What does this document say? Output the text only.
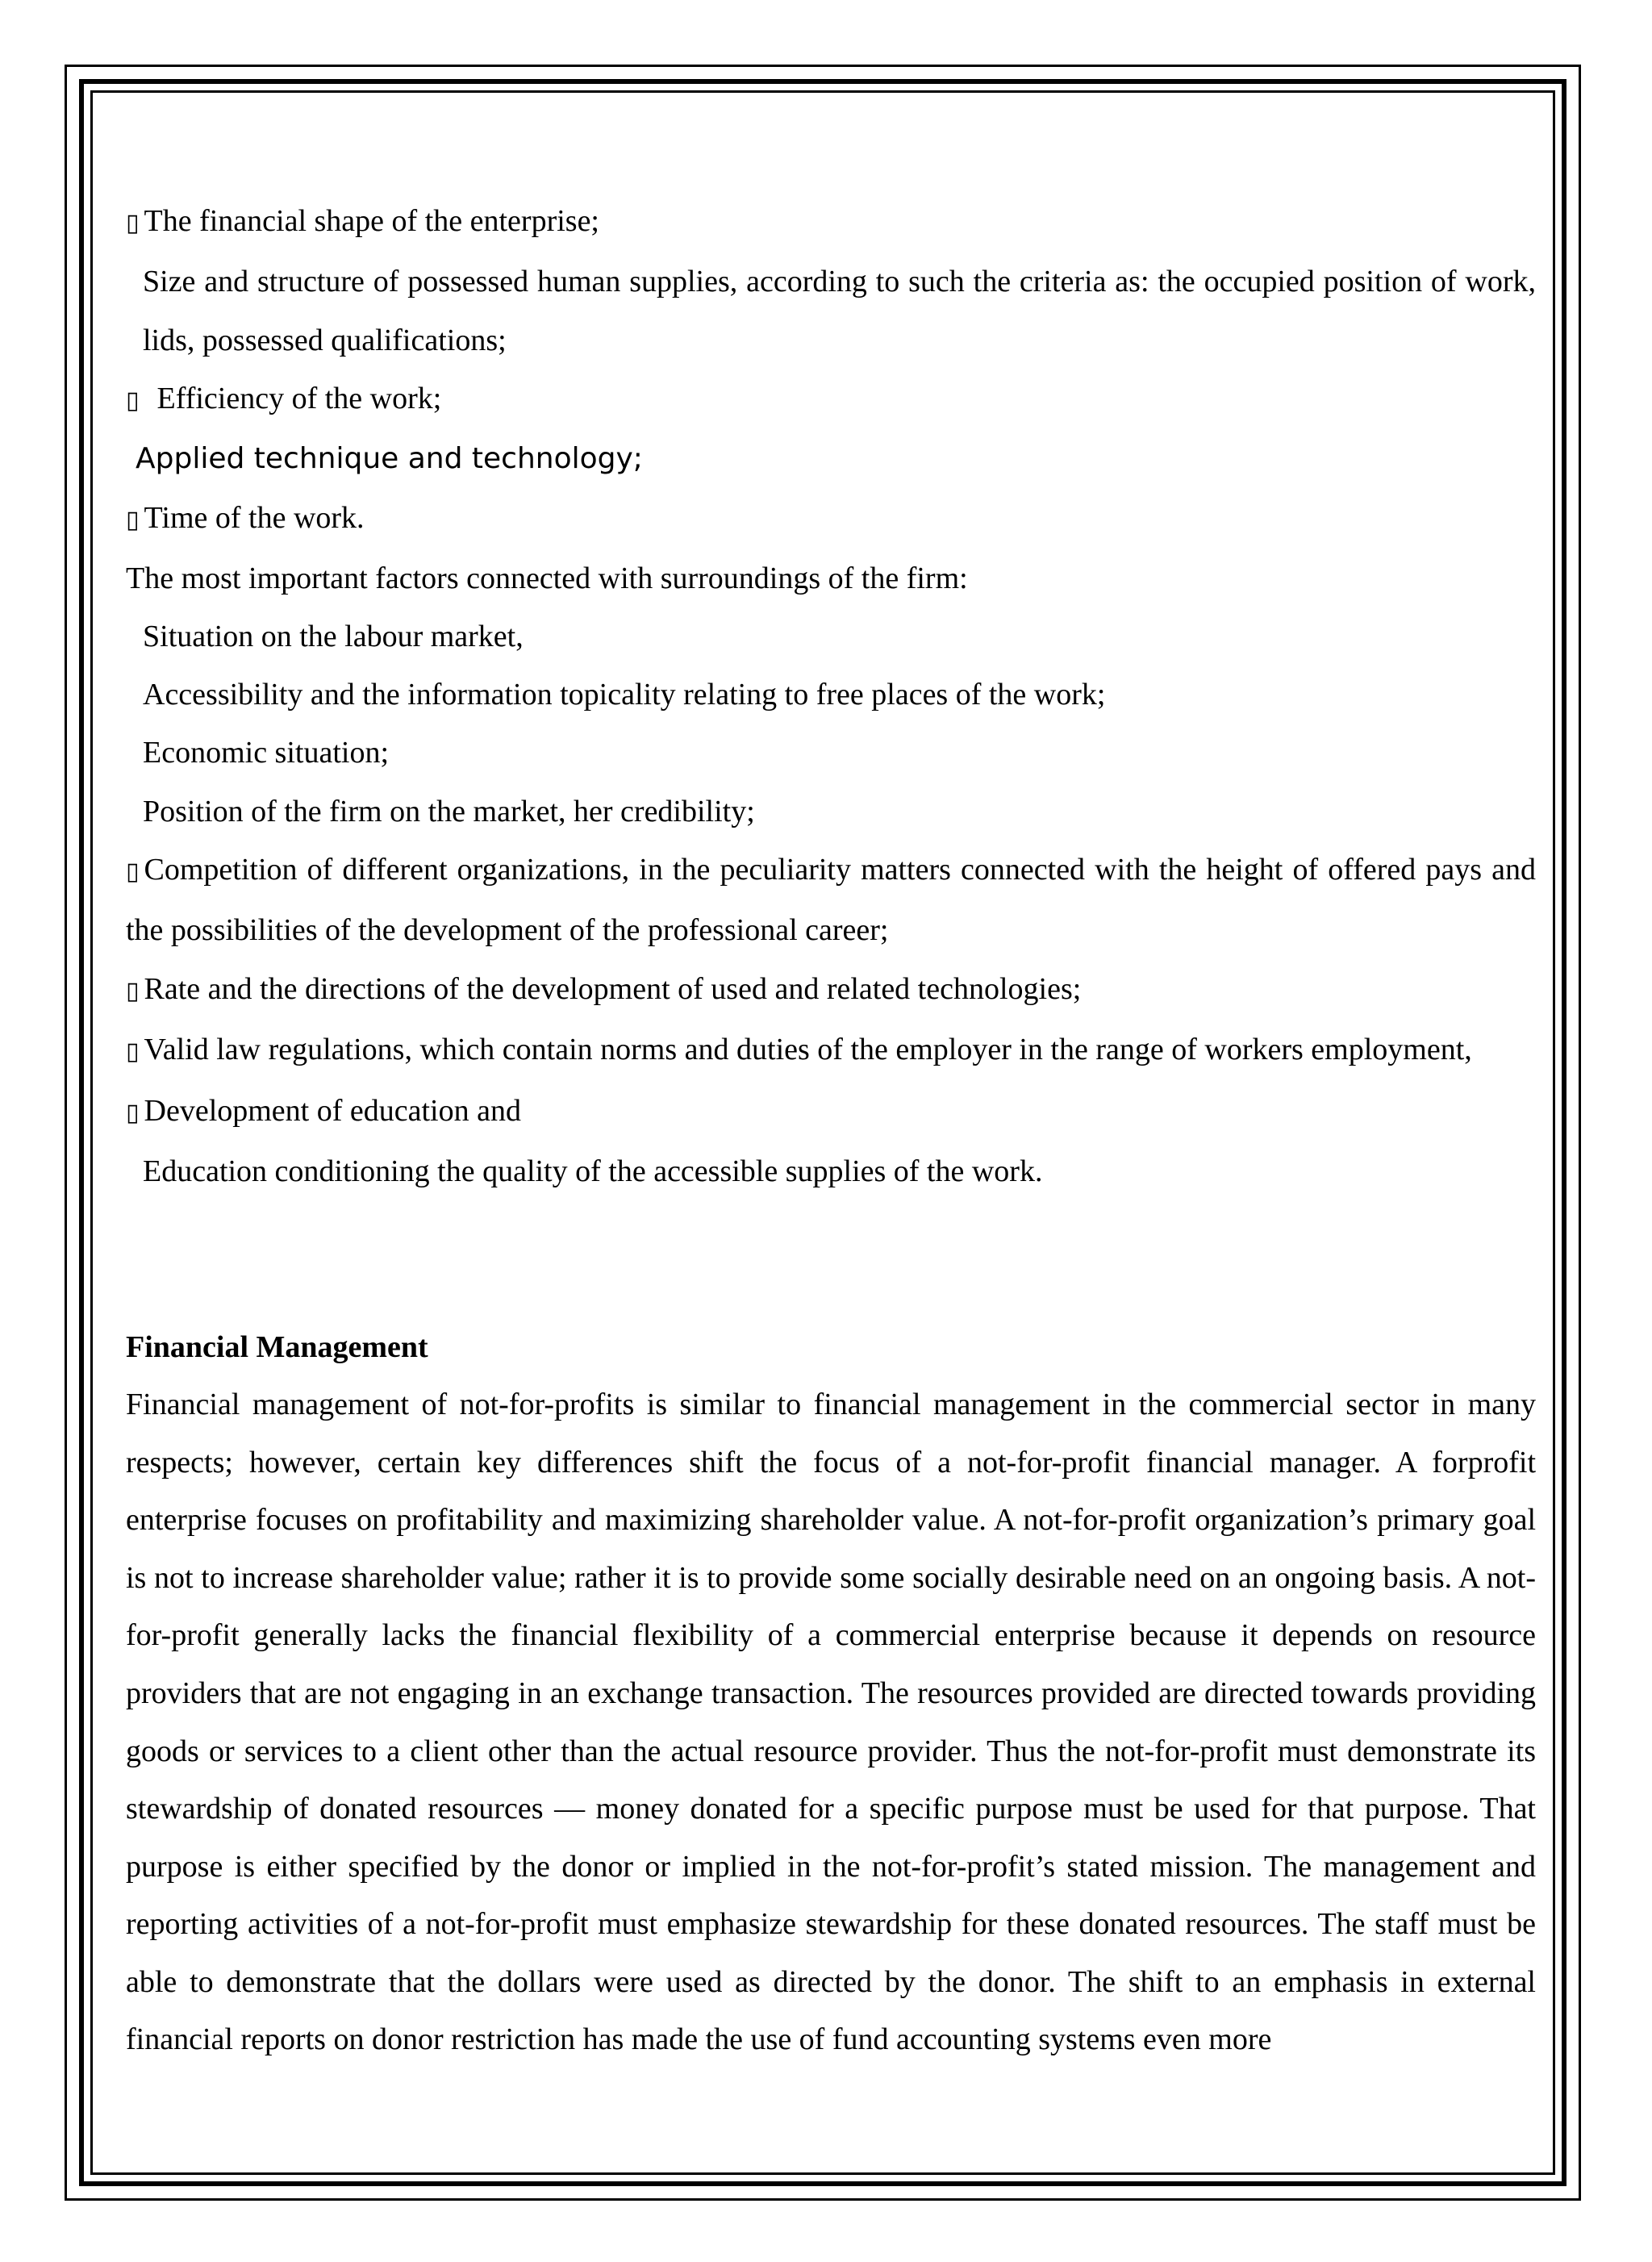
▯ The financial shape of the enterprise;
Size and structure of possessed human supplies, according to such the criteria as: the occupied position of work, lids, possessed qualifications;
▯ Efficiency of the work;
Applied technique and technology;
▯ Time of the work.
The most important factors connected with surroundings of the firm:
Situation on the labour market,
Accessibility and the information topicality relating to free places of the work;
Economic situation;
Position of the firm on the market, her credibility;
▯ Competition of different organizations, in the peculiarity matters connected with the height of offered pays and the possibilities of the development of the professional career;
▯ Rate and the directions of the development of used and related technologies;
▯ Valid law regulations, which contain norms and duties of the employer in the range of workers employment,
▯ Development of education and
Education conditioning the quality of the accessible supplies of the work.
Financial Management
Financial management of not-for-profits is similar to financial management in the commercial sector in many respects; however, certain key differences shift the focus of a not-for-profit financial manager. A forprofit enterprise focuses on profitability and maximizing shareholder value. A not-for-profit organization’s primary goal is not to increase shareholder value; rather it is to provide some socially desirable need on an ongoing basis. A not-for-profit generally lacks the financial flexibility of a commercial enterprise because it depends on resource providers that are not engaging in an exchange transaction. The resources provided are directed towards providing goods or services to a client other than the actual resource provider. Thus the not-for-profit must demonstrate its stewardship of donated resources — money donated for a specific purpose must be used for that purpose. That purpose is either specified by the donor or implied in the not-for-profit’s stated mission. The management and reporting activities of a not-for-profit must emphasize stewardship for these donated resources. The staff must be able to demonstrate that the dollars were used as directed by the donor. The shift to an emphasis in external financial reports on donor restriction has made the use of fund accounting systems even more
